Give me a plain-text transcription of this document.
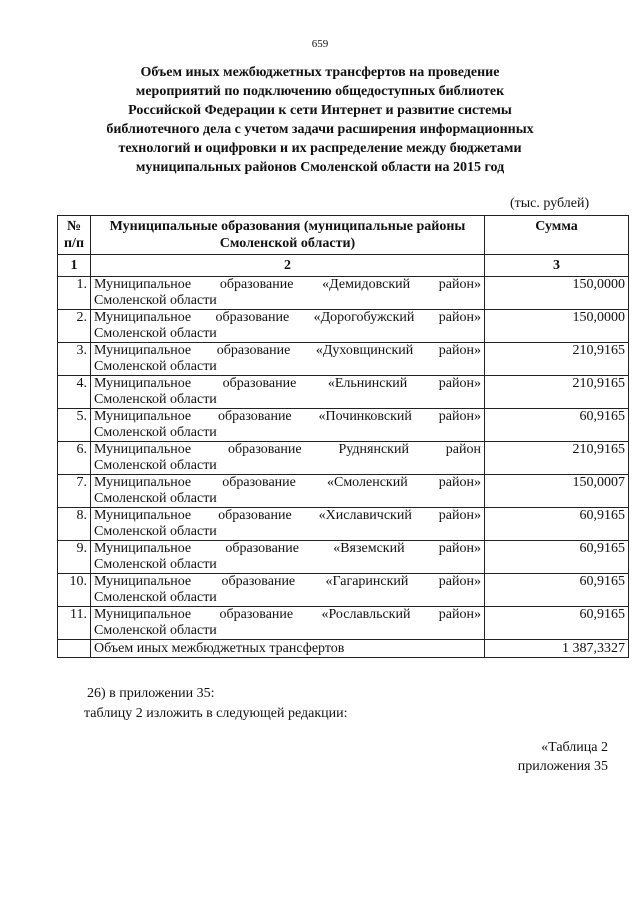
659
Объем иных межбюджетных трансфертов на проведение
мероприятий по подключению общедоступных библиотек
Российской Федерации к сети Интернет и развитие системы
библиотечного дела с учетом задачи расширения информационных
технологий и оцифровки и их распределение между бюджетами
муниципальных районов Смоленской области на 2015 год
(тыс. рублей)
№ п/п	Муниципальные образования (муниципальные районы Смоленской области)	Сумма
1	2	3
1.	Муниципальное образование «Демидовский район»
Смоленской области	150,0000
2.	Муниципальное образование «Дорогобужский район»
Смоленской области	150,0000
3.	Муниципальное образование «Духовщинский район»
Смоленской области	210,9165
4.	Муниципальное образование «Ельнинский район»
Смоленской области	210,9165
5.	Муниципальное образование «Починковский район»
Смоленской области	60,9165
6.	Муниципальное образование Руднянский район
Смоленской области	210,9165
7.	Муниципальное образование «Смоленский район»
Смоленской области	150,0007
8.	Муниципальное образование «Хиславичский район»
Смоленской области	60,9165
9.	Муниципальное образование «Вяземский район»
Смоленской области	60,9165
10.	Муниципальное образование «Гагаринский район»
Смоленской области	60,9165
11.	Муниципальное образование «Рославльский район»
Смоленской области	60,9165
	Объем иных межбюджетных трансфертов	1 387,3327
26) в приложении 35:
таблицу 2 изложить в следующей редакции:
«Таблица 2
приложения 35
